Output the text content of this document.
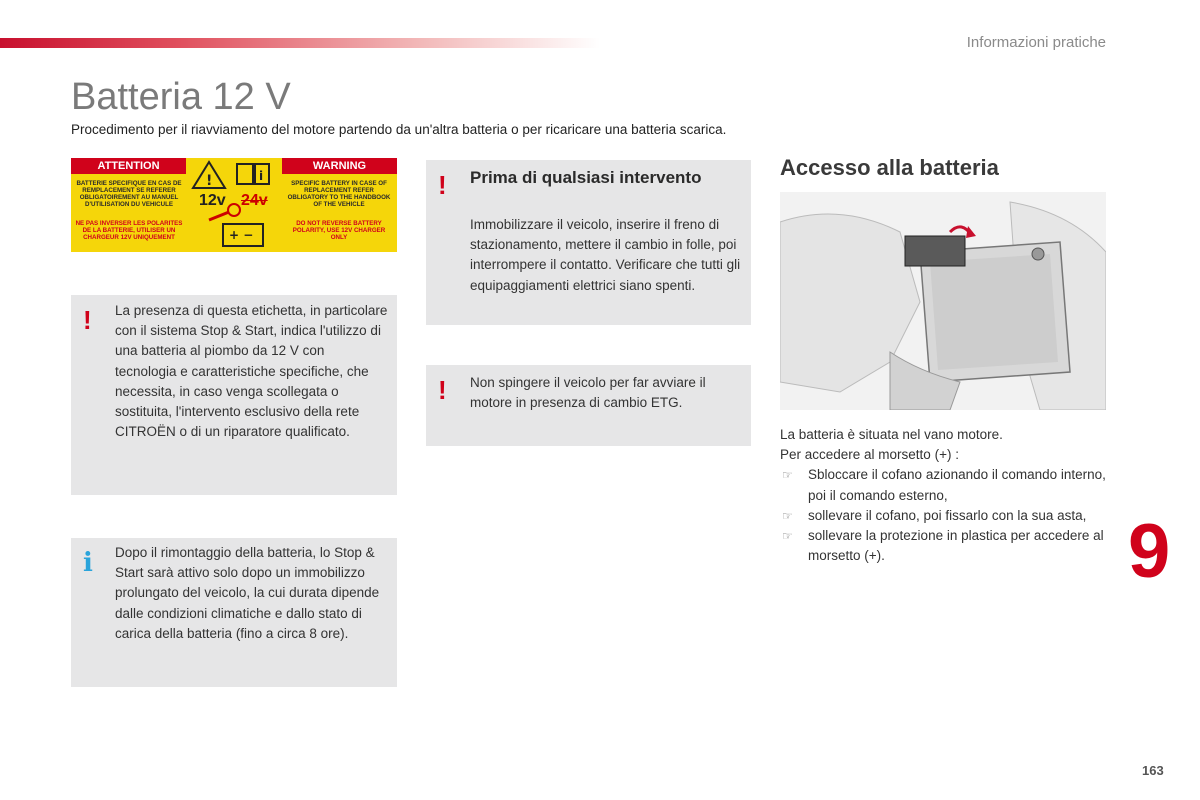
Informazioni pratiche
Batteria 12 V
Procedimento per il riavviamento del motore partendo da un'altra batteria o per ricaricare una batteria scarica.
ATTENTION	WARNING
BATTERIE SPECIFIQUE EN CAS DE REMPLACEMENT SE REFERER OBLIGATOIREMENT AU MANUEL D'UTILISATION DU VEHICULE
SPECIFIC BATTERY IN CASE OF REPLACEMENT REFER OBLIGATORY TO THE HANDBOOK OF THE VEHICLE
NE PAS INVERSER LES POLARITES DE LA BATTERIE, UTILISER UN CHARGEUR 12V UNIQUEMENT
DO NOT REVERSE BATTERY POLARITY, USE 12V CHARGER ONLY
!	i
+ −
12v 24v
! La presenza di questa etichetta, in particolare con il sistema Stop & Start, indica l'utilizzo di una batteria al piombo da 12 V con tecnologia e caratteristiche specifiche, che necessita, in caso venga scollegata o sostituita, l'intervento esclusivo della rete CITROËN o di un riparatore qualificato.
i Dopo il rimontaggio della batteria, lo Stop & Start sarà attivo solo dopo un immobilizzo prolungato del veicolo, la cui durata dipende dalle condizioni climatiche e dallo stato di carica della batteria (fino a circa 8 ore).
! Prima di qualsiasi intervento
Immobilizzare il veicolo, inserire il freno di stazionamento, mettere il cambio in folle, poi interrompere il contatto. Verificare che tutti gli equipaggiamenti elettrici siano spenti.
! Non spingere il veicolo per far avviare il motore in presenza di cambio ETG.
Accesso alla batteria
La batteria è situata nel vano motore.
Per accedere al morsetto (+) :
☞ Sbloccare il cofano azionando il comando interno, poi il comando esterno,
☞ sollevare il cofano, poi fissarlo con la sua asta,
☞ sollevare la protezione in plastica per accedere al morsetto (+).	9
163
